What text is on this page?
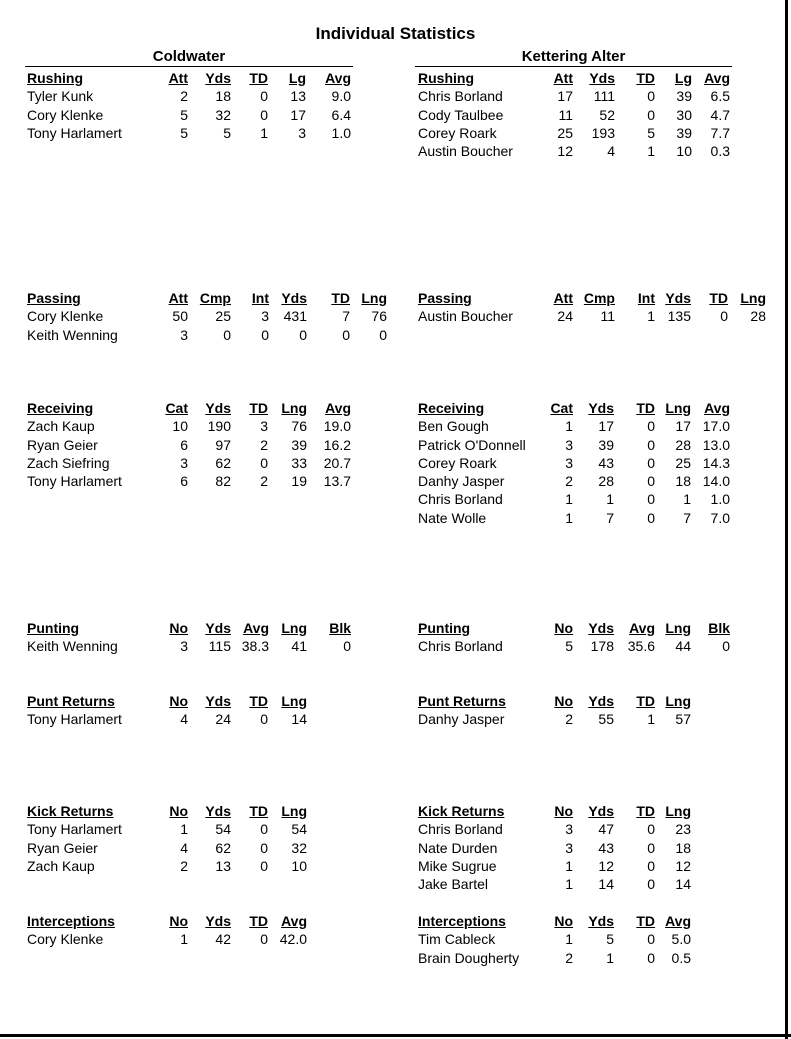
Individual Statistics
Coldwater	Kettering Alter
Rushing	Att Yds TD Lg Avg
Tyler Kunk	2 18 0 13 9.0
Cory Klenke	5 32 0 17 6.4
Tony Harlamert	5	5 1 3 1.0
Rushing	Att Yds TD Lg Avg
Chris Borland	17 111 0 39 6.5
Cody Taulbee	11 52 0 30 4.7
Corey Roark	25 193 5 39 7.7
Austin Boucher	12 4 1 10 0.3
Passing	Att Cmp Int Yds TD Lng
Cory Klenke	50 25 3 431	7 76
Keith Wenning	3	0 0 0	0 0
Passing	Att Cmp Int Yds TD Lng
Austin Boucher	24 11 1 135 0 28
Receiving	Cat Yds TD Lng Avg
Zach Kaup	10 190 3 76 19.0
Ryan Geier	6 97 2 39 16.2
Zach Siefring	3 62 0 33 20.7
Tony Harlamert	6 82 2 19 13.7
Receiving	Cat Yds TD Lng Avg
Ben Gough	1 17 0 17 17.0
Patrick O'Donnell	3 39 0 28 13.0
Corey Roark	3 43 0 25 14.3
Danhy Jasper	2 28 0 18 14.0
Chris Borland	1 1 0 1 1.0
Nate Wolle	1 7 0 7 7.0
Punting	No Yds Avg Lng Blk
Keith Wenning	3 115 38.3 41	0
Punting	No Yds Avg Lng Blk
Chris Borland	5 178 35.6 44 0
Punt Returns	No Yds TD Lng
Tony Harlamert	4 24 0 14
Punt Returns	No Yds TD Lng
Danhy Jasper	2 55 1 57
Kick Returns	No Yds TD Lng
Tony Harlamert	1 54 0 54
Ryan Geier	4 62 0 32
Zach Kaup	2 13 0 10
Kick Returns	No Yds TD Lng
Chris Borland	3 47 0 23
Nate Durden	3 43 0 18
Mike Sugrue	1 12 0 12
Jake Bartel	1 14 0 14
Interceptions	No Yds TD Avg
Cory Klenke	1 42 0 42.0
Interceptions	No Yds TD Avg
Tim Cableck	1 5 0 5.0
Brain Dougherty	2 1 0 0.5
